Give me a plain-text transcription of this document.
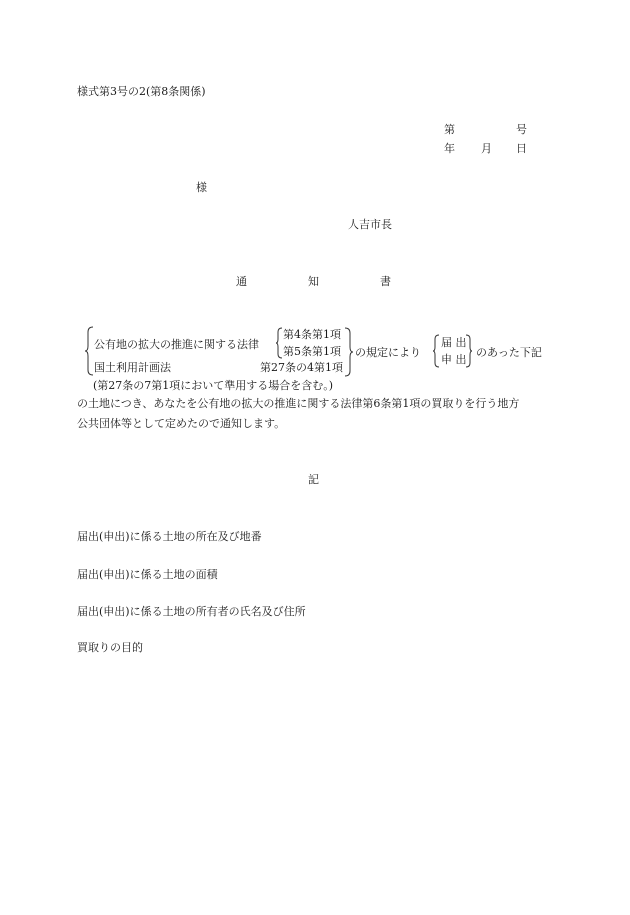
様式第3号の2(第8条関係)
第	号
年 月 日
様
人吉市長
通	知	書
公有地の拡大の推進に関する法律
第4条第1項
第5条第1項
国土利用計画法	第27条の4第1項
の規定により
届 出
申 出
のあった下記
(第27条の7第1項において準用する場合を含む。)
の土地につき、あなたを公有地の拡大の推進に関する法律第6条第1項の買取りを行う地方
公共団体等として定めたので通知します。
記
届出(申出)に係る土地の所在及び地番
届出(申出)に係る土地の面積
届出(申出)に係る土地の所有者の氏名及び住所
買取りの目的
